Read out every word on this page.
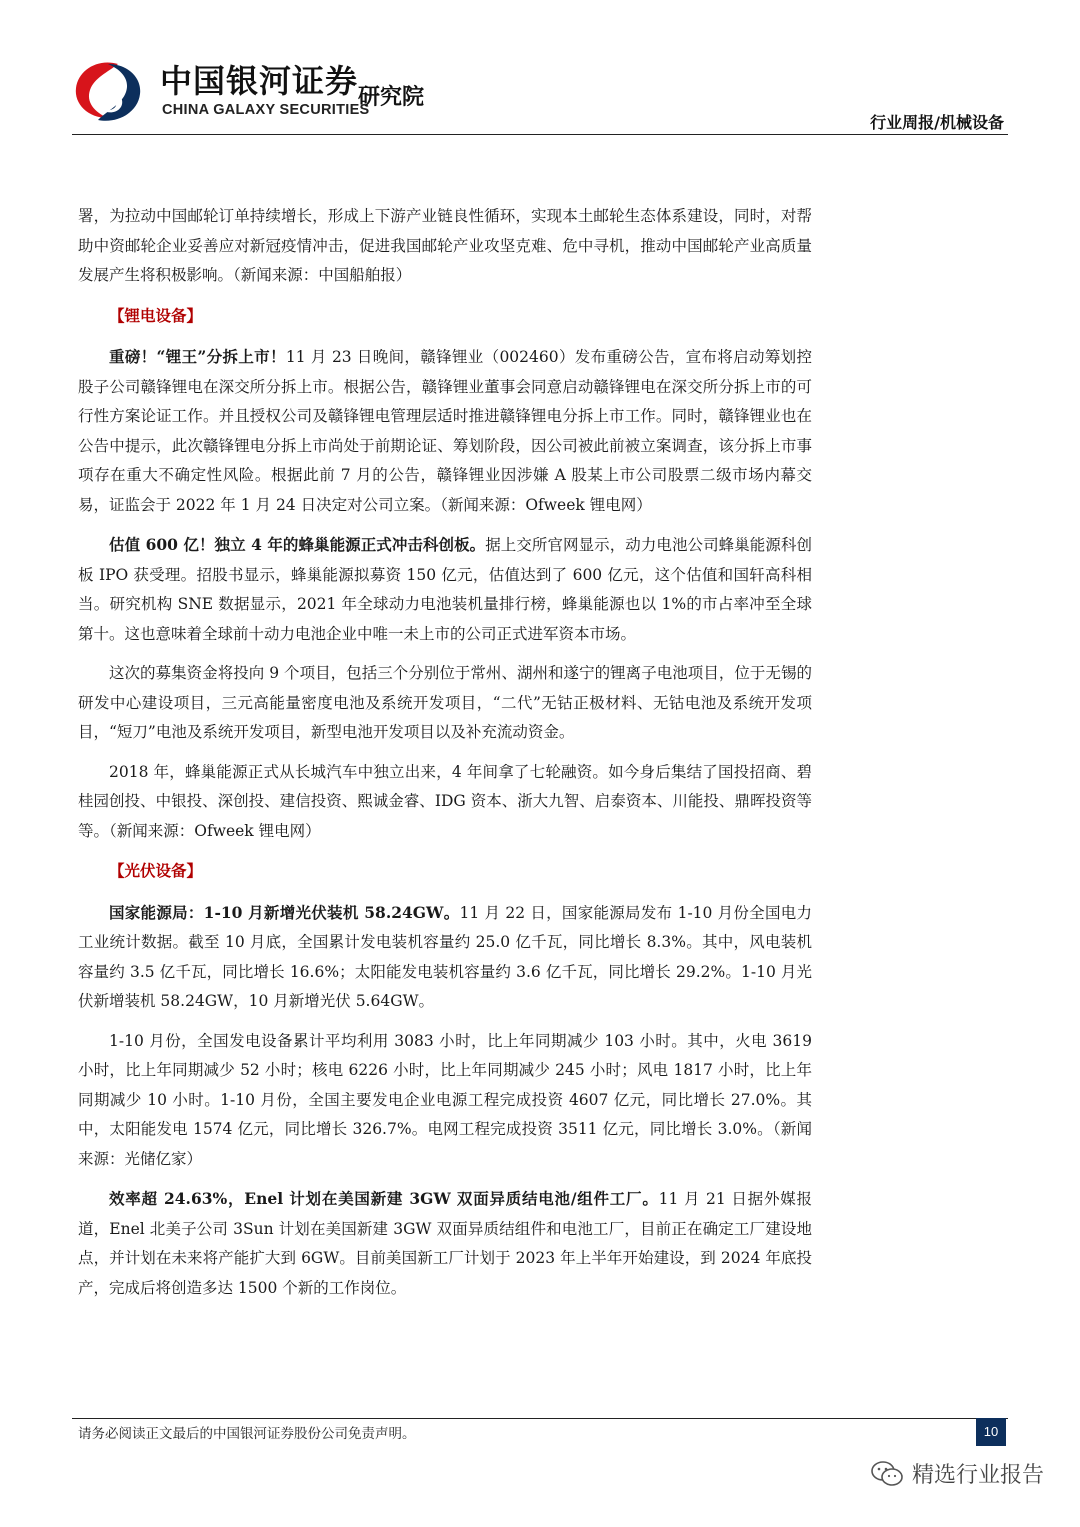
中国银河证券
CHINA GALAXY SECURITIES
研究院
行业周报/机械设备

署，为拉动中国邮轮订单持续增长，形成上下游产业链良性循环，实现本土邮轮生态体系建设，同时，对帮助中资邮轮企业妥善应对新冠疫情冲击，促进我国邮轮产业攻坚克难、危中寻机，推动中国邮轮产业高质量发展产生将积极影响。（新闻来源：中国船舶报）

【锂电设备】

重磅！“锂王”分拆上市！11 月 23 日晚间，赣锋锂业（002460）发布重磅公告，宣布将启动筹划控股子公司赣锋锂电在深交所分拆上市。根据公告，赣锋锂业董事会同意启动赣锋锂电在深交所分拆上市的可行性方案论证工作。并且授权公司及赣锋锂电管理层适时推进赣锋锂电分拆上市工作。同时，赣锋锂业也在公告中提示，此次赣锋锂电分拆上市尚处于前期论证、筹划阶段，因公司被此前被立案调查，该分拆上市事项存在重大不确定性风险。根据此前 7 月的公告，赣锋锂业因涉嫌 A 股某上市公司股票二级市场内幕交易，证监会于 2022 年 1 月 24 日决定对公司立案。（新闻来源：Ofweek 锂电网）

估值 600 亿！独立 4 年的蜂巢能源正式冲击科创板。据上交所官网显示，动力电池公司蜂巢能源科创板 IPO 获受理。招股书显示，蜂巢能源拟募资 150 亿元，估值达到了 600 亿元，这个估值和国轩高科相当。研究机构 SNE 数据显示，2021 年全球动力电池装机量排行榜，蜂巢能源也以 1%的市占率冲至全球第十。这也意味着全球前十动力电池企业中唯一未上市的公司正式进军资本市场。

这次的募集资金将投向 9 个项目，包括三个分别位于常州、湖州和遂宁的锂离子电池项目，位于无锡的研发中心建设项目，三元高能量密度电池及系统开发项目，“二代”无钴正极材料、无钴电池及系统开发项目，“短刀”电池及系统开发项目，新型电池开发项目以及补充流动资金。

2018 年，蜂巢能源正式从长城汽车中独立出来，4 年间拿了七轮融资。如今身后集结了国投招商、碧桂园创投、中银投、深创投、建信投资、熙诚金睿、IDG 资本、浙大九智、启泰资本、川能投、鼎晖投资等等。（新闻来源：Ofweek 锂电网）

【光伏设备】

国家能源局：1-10 月新增光伏装机 58.24GW。11 月 22 日，国家能源局发布 1-10 月份全国电力工业统计数据。截至 10 月底，全国累计发电装机容量约 25.0 亿千瓦，同比增长 8.3%。其中，风电装机容量约 3.5 亿千瓦，同比增长 16.6%；太阳能发电装机容量约 3.6 亿千瓦，同比增长 29.2%。1-10 月光伏新增装机 58.24GW，10 月新增光伏 5.64GW。

1-10 月份，全国发电设备累计平均利用 3083 小时，比上年同期减少 103 小时。其中，火电 3619 小时，比上年同期减少 52 小时；核电 6226 小时，比上年同期减少 245 小时；风电 1817 小时，比上年同期减少 10 小时。1-10 月份，全国主要发电企业电源工程完成投资 4607 亿元，同比增长 27.0%。其中，太阳能发电 1574 亿元，同比增长 326.7%。电网工程完成投资 3511 亿元，同比增长 3.0%。（新闻来源：光储亿家）

效率超 24.63%，Enel 计划在美国新建 3GW 双面异质结电池/组件工厂。11 月 21 日据外媒报道，Enel 北美子公司 3Sun 计划在美国新建 3GW 双面异质结组件和电池工厂，目前正在确定工厂建设地点，并计划在未来将产能扩大到 6GW。目前美国新工厂计划于 2023 年上半年开始建设，到 2024 年底投产，完成后将创造多达 1500 个新的工作岗位。

请务必阅读正文最后的中国银河证券股份公司免责声明。	10
精选行业报告
